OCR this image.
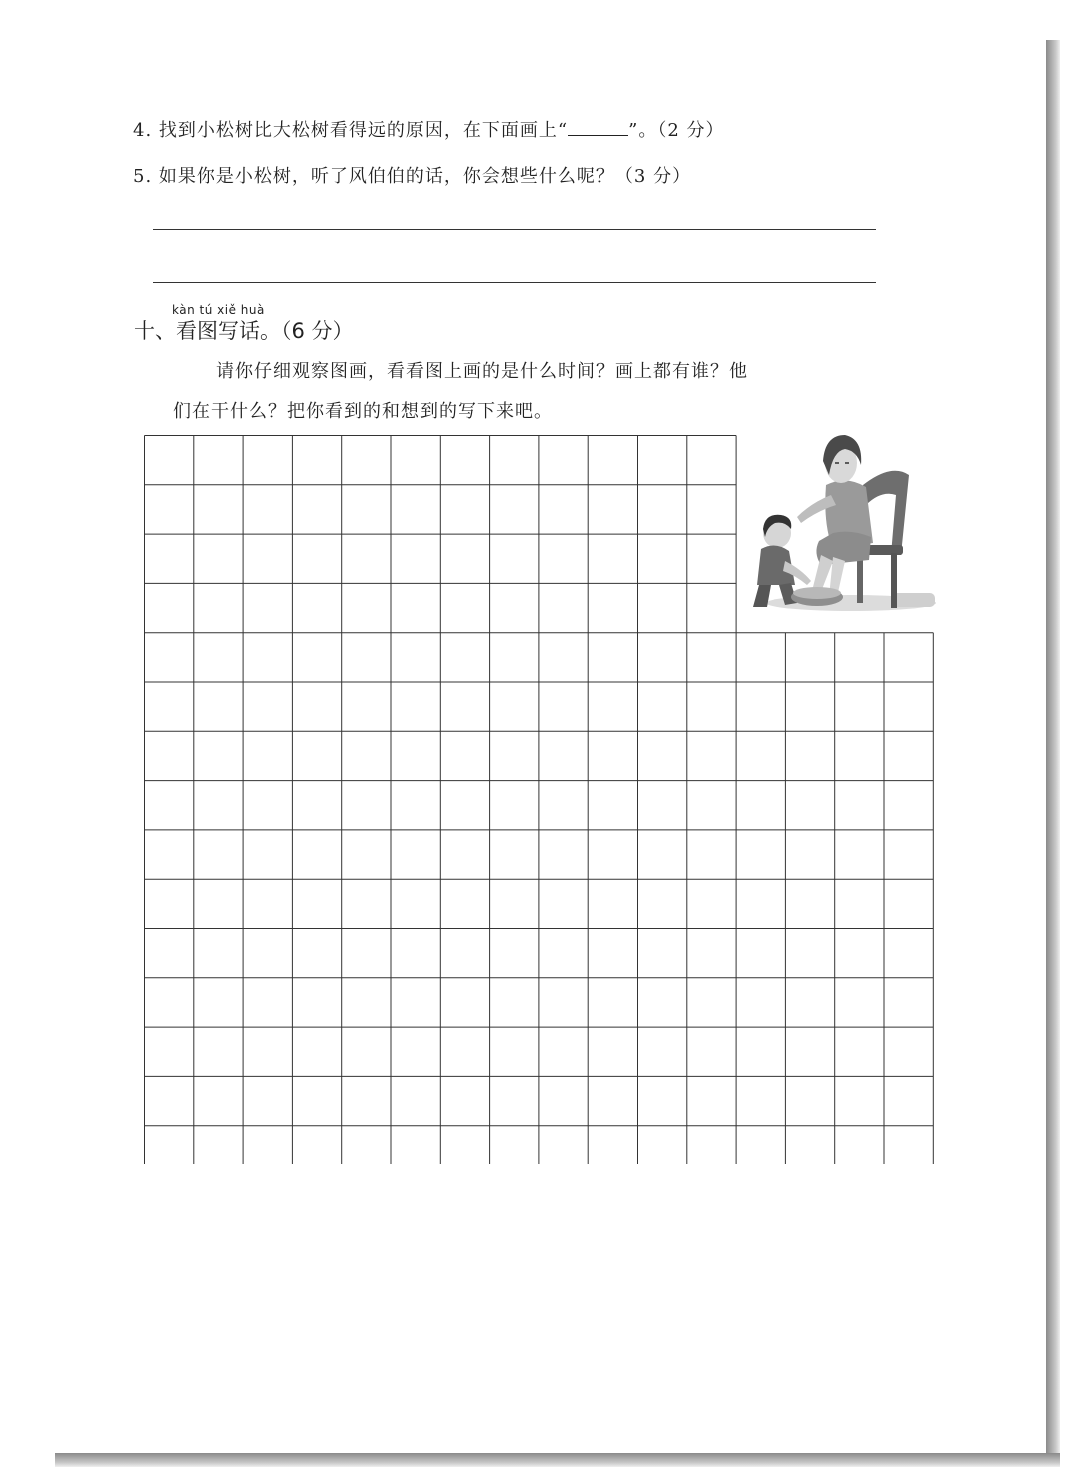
4. 找到小松树比大松树看得远的原因，在下面画上“	”。（2 分）
5. 如果你是小松树，听了风伯伯的话，你会想些什么呢？（3 分）
kàn tú xiě huà
十、看图写话。（6 分）
请你仔细观察图画，看看图上画的是什么时间？画上都有谁？他
们在干什么？把你看到的和想到的写下来吧。
